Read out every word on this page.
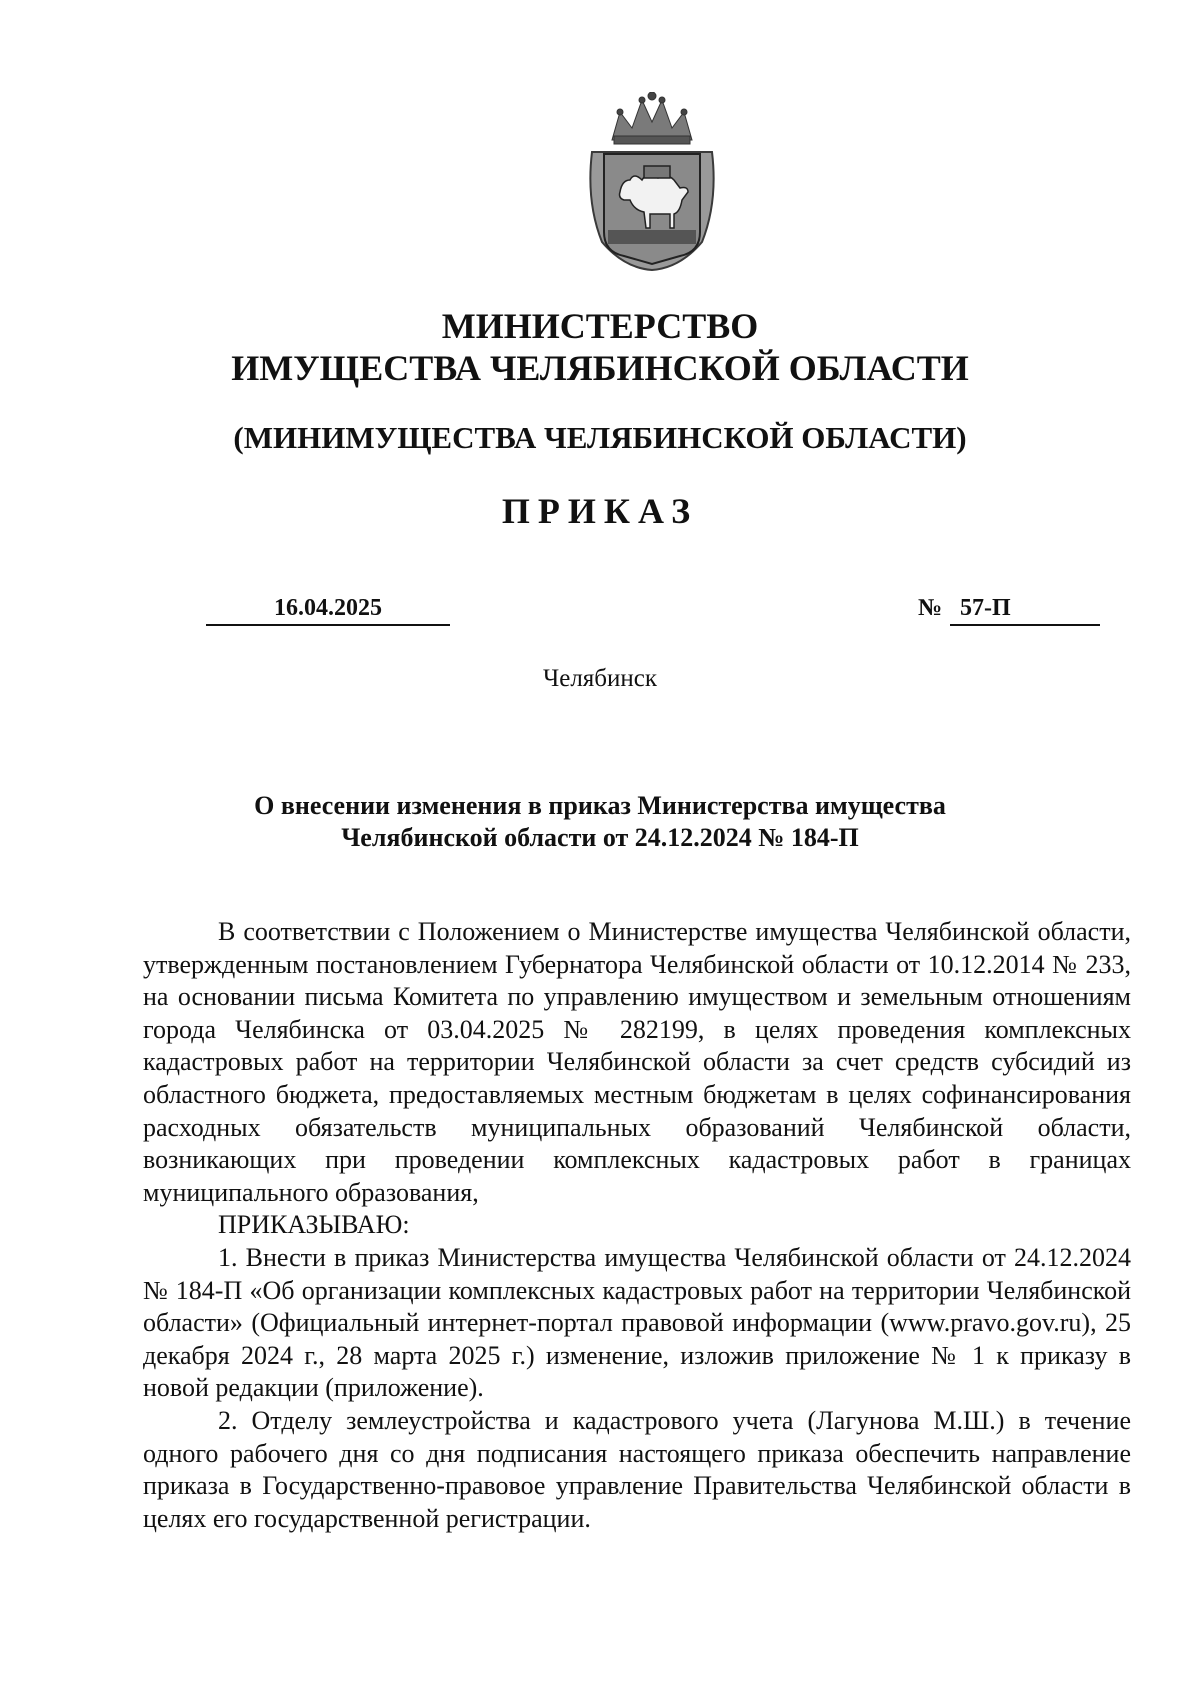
МИНИСТЕРСТВО
ИМУЩЕСТВА ЧЕЛЯБИНСКОЙ ОБЛАСТИ
(МИНИМУЩЕСТВА ЧЕЛЯБИНСКОЙ ОБЛАСТИ)
ПРИКАЗ
16.04.2025	№ 57-П
Челябинск
О внесении изменения в приказ Министерства имущества
Челябинской области от 24.12.2024 № 184-П

В соответствии с Положением о Министерстве имущества Челябинской области, утвержденным постановлением Губернатора Челябинской области от 10.12.2014 № 233, на основании письма Комитета по управлению имуществом и земельным отношениям города Челябинска от 03.04.2025 № 282199, в целях проведения комплексных кадастровых работ на территории Челябинской области за счет средств субсидий из областного бюджета, предоставляемых местным бюджетам в целях софинансирования расходных обязательств муниципальных образований Челябинской области, возникающих при проведении комплексных кадастровых работ в границах муниципального образования,

ПРИКАЗЫВАЮ:

1. Внести в приказ Министерства имущества Челябинской области от 24.12.2024 № 184-П «Об организации комплексных кадастровых работ на территории Челябинской области» (Официальный интернет-портал правовой информации (www.pravo.gov.ru), 25 декабря 2024 г., 28 марта 2025 г.) изменение, изложив приложение № 1 к приказу в новой редакции (приложение).

2. Отделу землеустройства и кадастрового учета (Лагунова М.Ш.) в течение одного рабочего дня со дня подписания настоящего приказа обеспечить направление приказа в Государственно-правовое управление Правительства Челябинской области в целях его государственной регистрации.
